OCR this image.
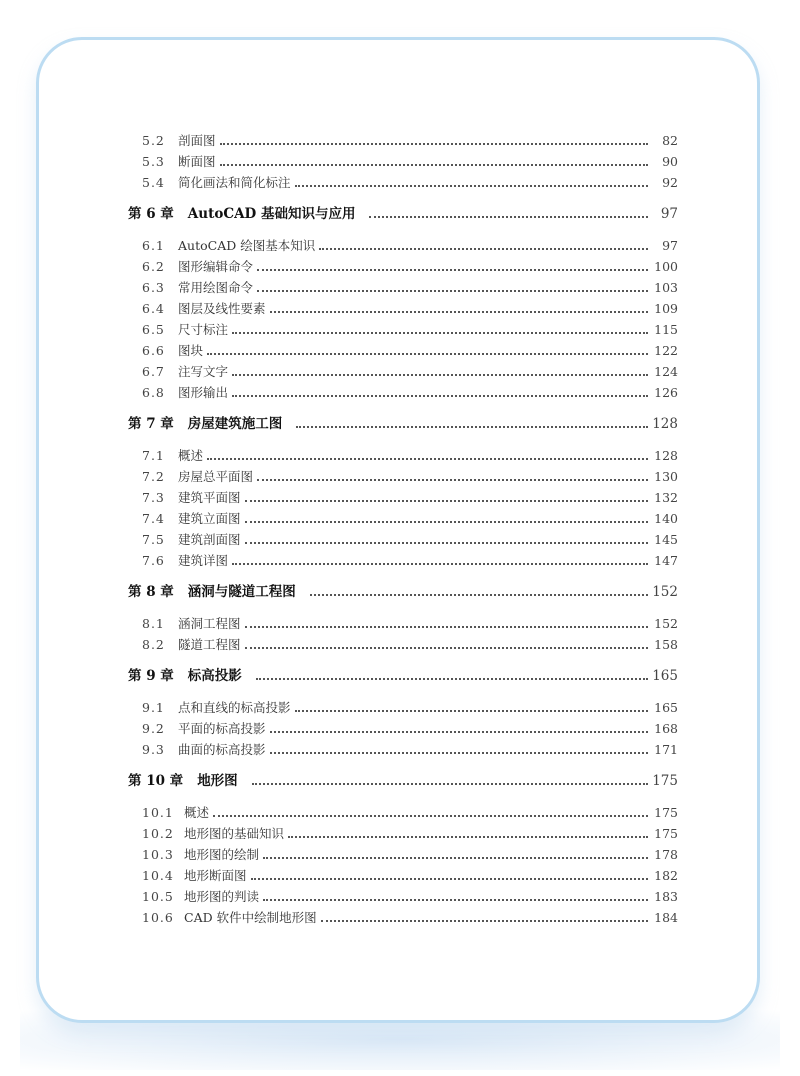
5.2	剖面图	82
5.3	断面图	90
5.4	简化画法和简化标注	92
第 6 章 AutoCAD 基础知识与应用	97
6.1	AutoCAD 绘图基本知识	97
6.2	图形编辑命令	100
6.3	常用绘图命令	103
6.4	图层及线性要素	109
6.5	尺寸标注	115
6.6	图块	122
6.7	注写文字	124
6.8	图形输出	126
第 7 章 房屋建筑施工图	128
7.1	概述	128
7.2	房屋总平面图	130
7.3	建筑平面图	132
7.4	建筑立面图	140
7.5	建筑剖面图	145
7.6	建筑详图	147
第 8 章 涵洞与隧道工程图	152
8.1	涵洞工程图	152
8.2	隧道工程图	158
第 9 章 标高投影	165
9.1	点和直线的标高投影	165
9.2	平面的标高投影	168
9.3	曲面的标高投影	171
第 10 章 地形图	175
10.1 概述	175
10.2 地形图的基础知识	175
10.3 地形图的绘制	178
10.4 地形断面图	182
10.5 地形图的判读	183
10.6 CAD 软件中绘制地形图	184
